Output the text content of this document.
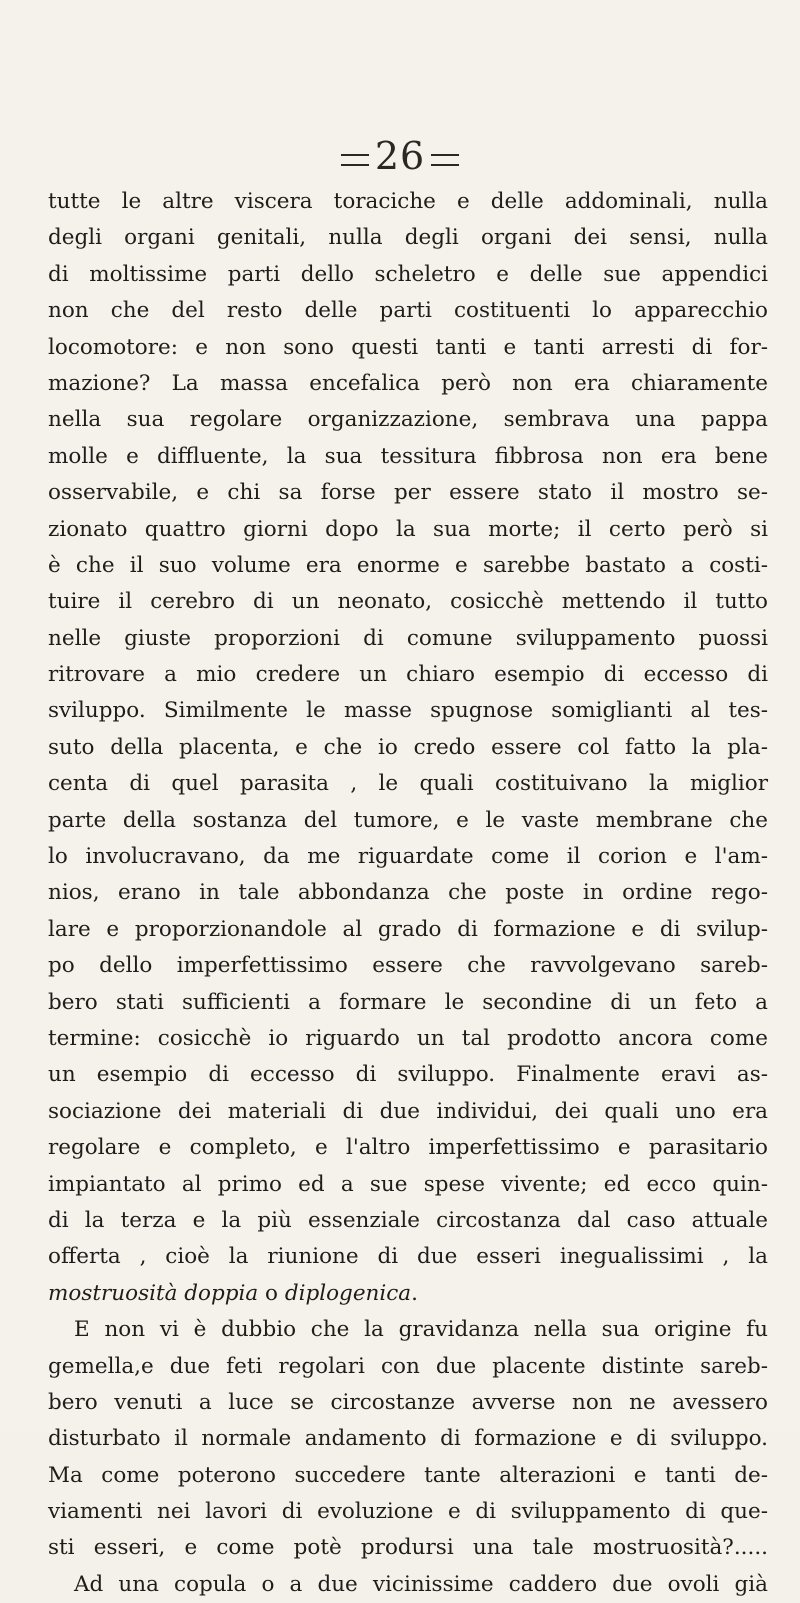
26
tutte le altre viscera toraciche e delle addominali, nulla
degli organi genitali, nulla degli organi dei sensi, nulla
di moltissime parti dello scheletro e delle sue appendici
non che del resto delle parti costituenti lo apparecchio
locomotore: e non sono questi tanti e tanti arresti di for-
mazione? La massa encefalica però non era chiaramente
nella sua regolare organizzazione, sembrava una pappa
molle e diffluente, la sua tessitura fibbrosa non era bene
osservabile, e chi sa forse per essere stato il mostro se-
zionato quattro giorni dopo la sua morte; il certo però si
è che il suo volume era enorme e sarebbe bastato a costi-
tuire il cerebro di un neonato, cosicchè mettendo il tutto
nelle giuste proporzioni di comune sviluppamento puossi
ritrovare a mio credere un chiaro esempio di eccesso di
sviluppo. Similmente le masse spugnose somiglianti al tes-
suto della placenta, e che io credo essere col fatto la pla-
centa di quel parasita , le quali costituivano la miglior
parte della sostanza del tumore, e le vaste membrane che
lo involucravano, da me riguardate come il corion e l'am-
nios, erano in tale abbondanza che poste in ordine rego-
lare e proporzionandole al grado di formazione e di svilup-
po dello imperfettissimo essere che ravvolgevano sareb-
bero stati sufficienti a formare le secondine di un feto a
termine: cosicchè io riguardo un tal prodotto ancora come
un esempio di eccesso di sviluppo. Finalmente eravi as-
sociazione dei materiali di due individui, dei quali uno era
regolare e completo, e l'altro imperfettissimo e parasitario
impiantato al primo ed a sue spese vivente; ed ecco quin-
di la terza e la più essenziale circostanza dal caso attuale
offerta , cioè la riunione di due esseri inegualissimi , la
mostruosità doppia o diplogenica.
E non vi è dubbio che la gravidanza nella sua origine fu
gemella,e due feti regolari con due placente distinte sareb-
bero venuti a luce se circostanze avverse non ne avessero
disturbato il normale andamento di formazione e di sviluppo.
Ma come poterono succedere tante alterazioni e tanti de-
viamenti nei lavori di evoluzione e di sviluppamento di que-
sti esseri, e come potè prodursi una tale mostruosità?.....
Ad una copula o a due vicinissime caddero due ovoli già
